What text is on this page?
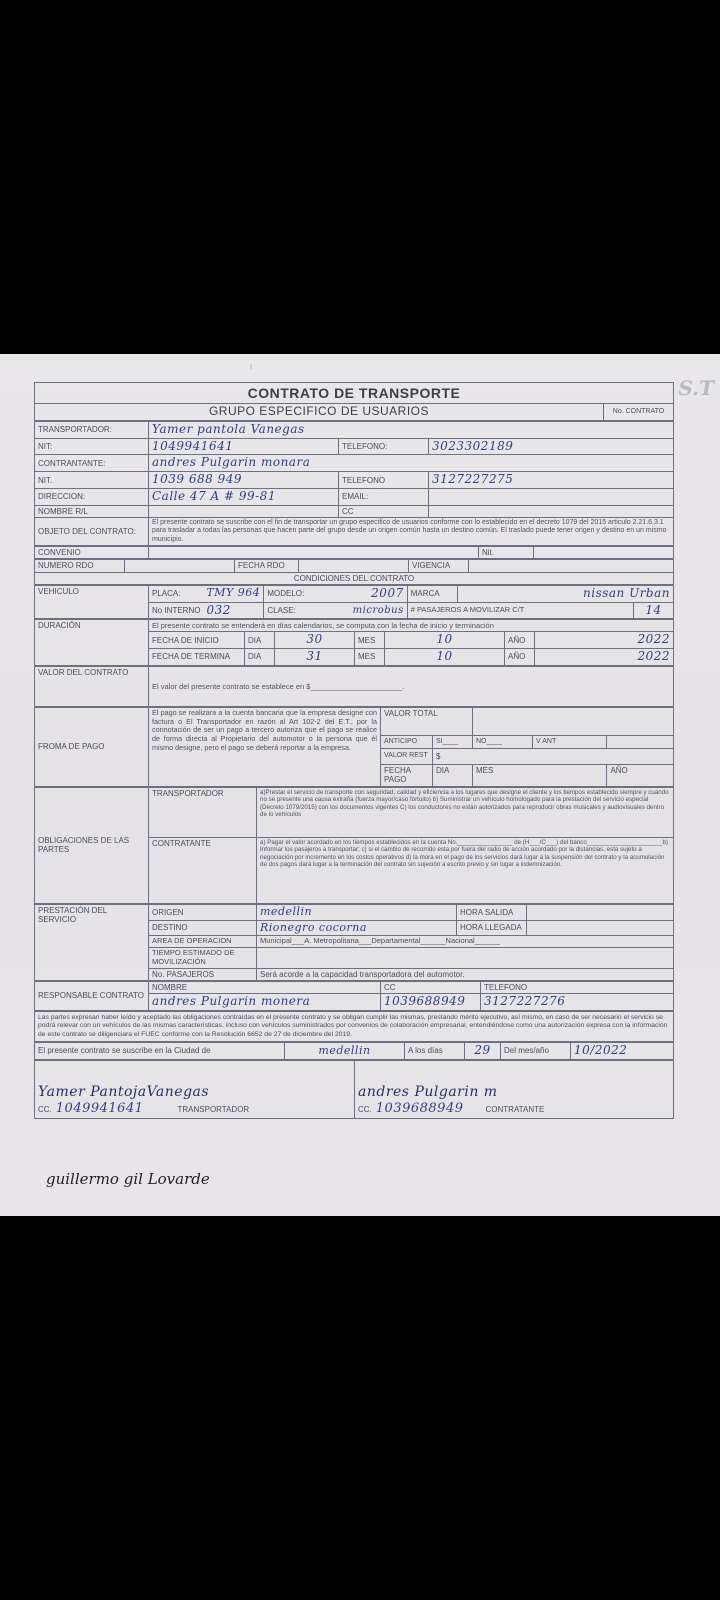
ı
S.T
CONTRATO DE TRANSPORTE
GRUPO ESPECIFICO DE USUARIOS	No. CONTRATO
TRANSPORTADOR:	Yamer pantola Vanegas		
NIT:	1049941641	TELEFONO:	3023302189
CONTRANTANTE:	andres Pulgarin monara		
NIT.	1039 688 949	TELEFONO	3127227275
DIRECCION:	Calle 47 A # 99-81	EMAIL:	
NOMBRE R/L		CC	
OBJETO DEL CONTRATO:	El presente contrato se suscribe con el fin de transportar un grupo especifico de usuarios conforme con lo establecido en el decreto 1079 del 2015 articulo 2.21.6.3.1 para trasladar a todas las personas que hacen parte del grupo desde un origen común hasta un destino común. El traslado puede tener origen y destino en un mismo municipio.		
CONVENIO		Nit.	
NUMERO RDO		FECHA RDO		VIGENCIA	
CONDICIONES DEL CONTRATO
VEHICULO	PLACA:	TMY 964	MODELO:	2007	MARCA	nissan Urban	
	No INTERNO	032	CLASE:	microbus	# PASAJEROS A MOVILIZAR C/T		14
DURACIÓN	El presente contrato se entenderá en días calendarios, se computa con la fecha de inicio y terminación						
	FECHA DE INICIO	DIA	30	MES	10	AÑO	2022
	FECHA DE TERMINA	DIA	31	MES	10	AÑO	2022
VALOR DEL CONTRATO	El valor del presente contrato se establece en $______________________.
FROMA DE PAGO	El pago se realizara a la cuenta bancaria que la empresa designe con factura o El Transportador en razón al Art 102-2 del E.T., por la connotación de ser un pago a tercero autoriza que el pago se realice de forma directa al Propietario del automotor o la persona que él mismo designe, pero el pago se deberá reportar a la empresa.	VALOR TOTAL				
		ANTICIPO	SI____	NO____	V ANT	
		VALOR REST	$			
		FECHA PAGO	DIA	MES		AÑO
OBLIGACIONES DE LAS PARTES	TRANSPORTADOR	a)Prestar el servicio de transporte con seguridad, calidad y eficiencia a los lugares que designe el cliente y los tiempos establecido siempre y cuando no se presente una causa extraña (fuerza mayor/caso fortuito) b) Suministrar un vehículo homologado para la prestación del servicio especial (Decreto 1079/2015) con los documentos vigentes C) los conductores no están autorizados para reproducir obras musicales y audiovisuales dentro de lo vehículos
	CONTRATANTE	a) Pagar el valor acordado en los tiempos establecidos en la cuenta No.________________ de (H___/C___) del banco______________________b) Informar los pasajeros a transportar; c) si el cambio de recorrido esta por fuera del radio de acción acordado por la distancias, esta sujeto a negociación por incremento en los costos operativos d) la mora en el pago de los servicios dará lugar a la suspensión del contrato y la acumulación de dos pagos dará lugar a la terminación del contrato sin sujeción a escrito previo y sin lugar a indemnización.
PRESTACIÓN DEL SERVICIO	ORIGEN	medellin	HORA SALIDA	
	DESTINO	Rionegro cocorna	HORA LLEGADA	
	AREA DE OPERACION	Municipal___A. Metropolitana___Departamental______Nacional______		
	TIEMPO ESTIMADO DE MOVILIZACIÓN			
	No. PASAJEROS	Será acorde a la capacidad transportadora del automotor.		
RESPONSABLE CONTRATO	NOMBRE	CC	TELEFONO
	andres Pulgarin monera	1039688949	3127227276
Las partes expresan haber leído y aceptado las obligaciones contraídas en el presente contrato y se obligan cumplir las mismas, prestando mérito ejecutivo, así mismo, en caso de ser necesario el servicio se podrá relevar con un vehículos de las mismas características, incluso con vehículos suministrados por convenios de colaboración empresarial, entendiéndose como una autorización expresa con la información de este contrato se diligenciara el FUEC conforme con la Resolución 6652 de 27 de diciembre del 2019.
El presente contrato se suscribe en la Ciudad de	medellin	A los días	29	Del mes/año	10/2022
Yamer PantojaVanegas
CC. 1049941641	TRANSPORTADOR

andres Pulgarin m
CC. 1039688949	CONTRATANTE
guillermo gil Lovarde
